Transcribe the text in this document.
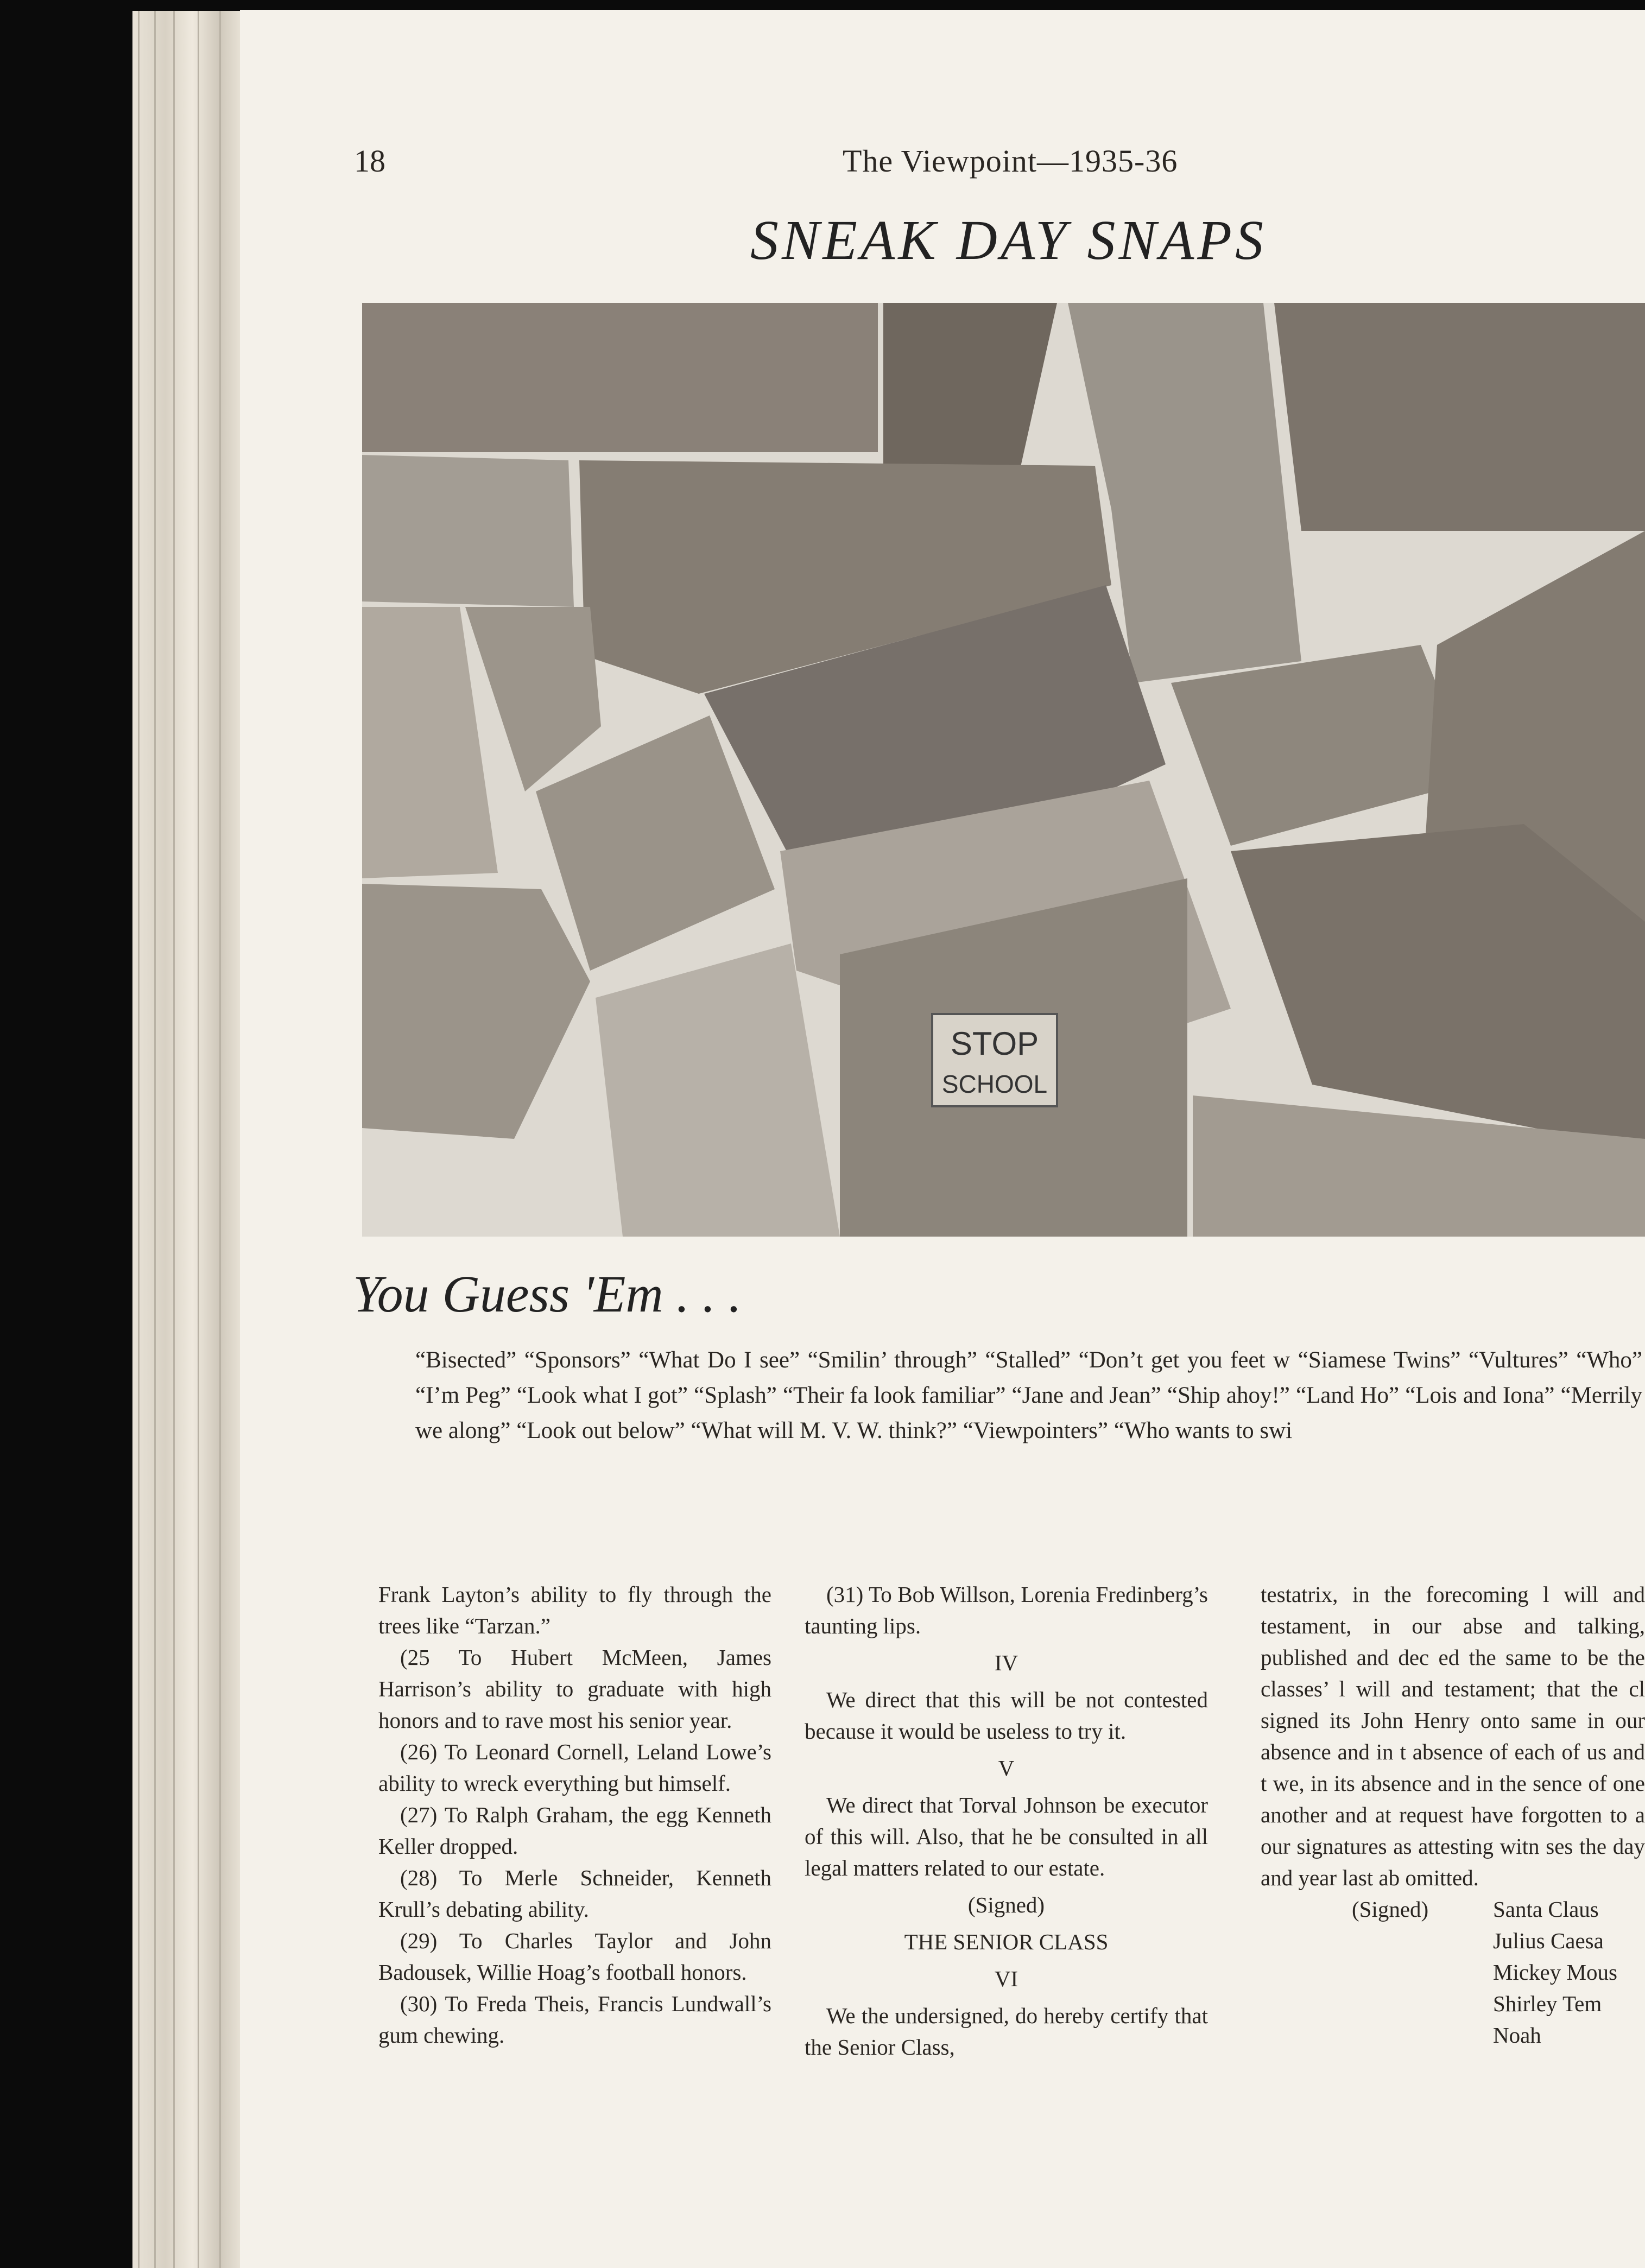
18	The Viewpoint—1935-36
SNEAK DAY SNAPS
STOP
SCHOOL
You Guess 'Em . . .
“Bisected” “Sponsors” “What Do I see” “Smilin’ through” “Stalled” “Don’t get you feet w “Siamese Twins” “Vultures” “Who” “I’m Peg” “Look what I got” “Splash” “Their fa look familiar” “Jane and Jean” “Ship ahoy!” “Land Ho” “Lois and Iona” “Merrily we along” “Look out below” “What will M. V. W. think?” “Viewpointers” “Who wants to swi

Frank Layton’s ability to fly through the trees like “Tarzan.”

(25 To Hubert McMeen, James Harrison’s ability to graduate with high honors and to rave most his senior year.

(26) To Leonard Cornell, Leland Lowe’s ability to wreck everything but himself.

(27) To Ralph Graham, the egg Kenneth Keller dropped.

(28) To Merle Schneider, Kenneth Krull’s debating ability.

(29) To Charles Taylor and John Badousek, Willie Hoag’s football honors.

(30) To Freda Theis, Francis Lundwall’s gum chewing.

(31) To Bob Willson, Lorenia Fredinberg’s taunting lips.

IV

We direct that this will be not contested because it would be useless to try it.

V

We direct that Torval Johnson be executor of this will. Also, that he be consulted in all legal matters related to our estate.

(Signed)

THE SENIOR CLASS

VI

We the undersigned, do hereby certify that the Senior Class,

testatrix, in the forecoming l will and testament, in our abse and talking, published and dec ed the same to be the classes’ l will and testament; that the cl signed its John Henry onto same in our absence and in t absence of each of us and t we, in its absence and in the sence of one another and at request have forgotten to a our signatures as attesting witn ses the day and year last ab omitted.

(Signed)	Santa Claus
Julius Caesa
Mickey Mous
Shirley Tem
Noah
